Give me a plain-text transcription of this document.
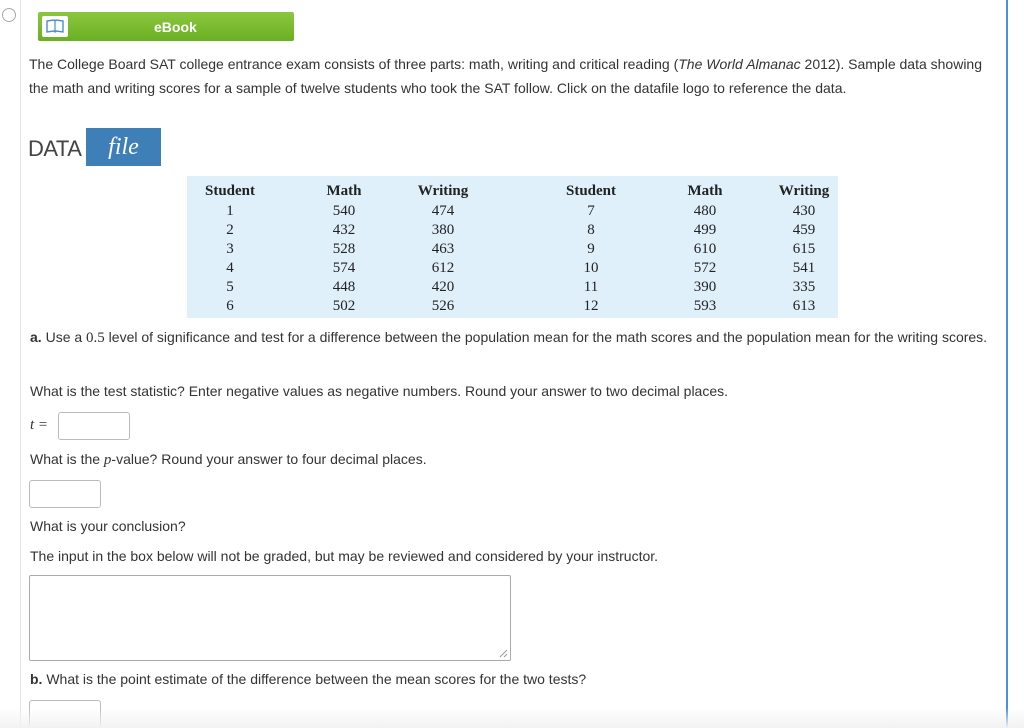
eBook
The College Board SAT college entrance exam consists of three parts: math, writing and critical reading (The World Almanac 2012). Sample data showing the math and writing scores for a sample of twelve students who took the SAT follow. Click on the datafile logo to reference the data.
DATA	file
Student
1
2
3
4
5
6
Math
540
432
528
574
448
502
Writing
474
380
463
612
420
526
Student
7
8
9
10
11
12
Math
480
499
610
572
390
593
Writing
430
459
615
541
335
613
a. Use a 0.5 level of significance and test for a difference between the population mean for the math scores and the population mean for the writing scores.
What is the test statistic? Enter negative values as negative numbers. Round your answer to two decimal places.
t =
What is the p-value? Round your answer to four decimal places.
What is your conclusion?
The input in the box below will not be graded, but may be reviewed and considered by your instructor.
b. What is the point estimate of the difference between the mean scores for the two tests?
